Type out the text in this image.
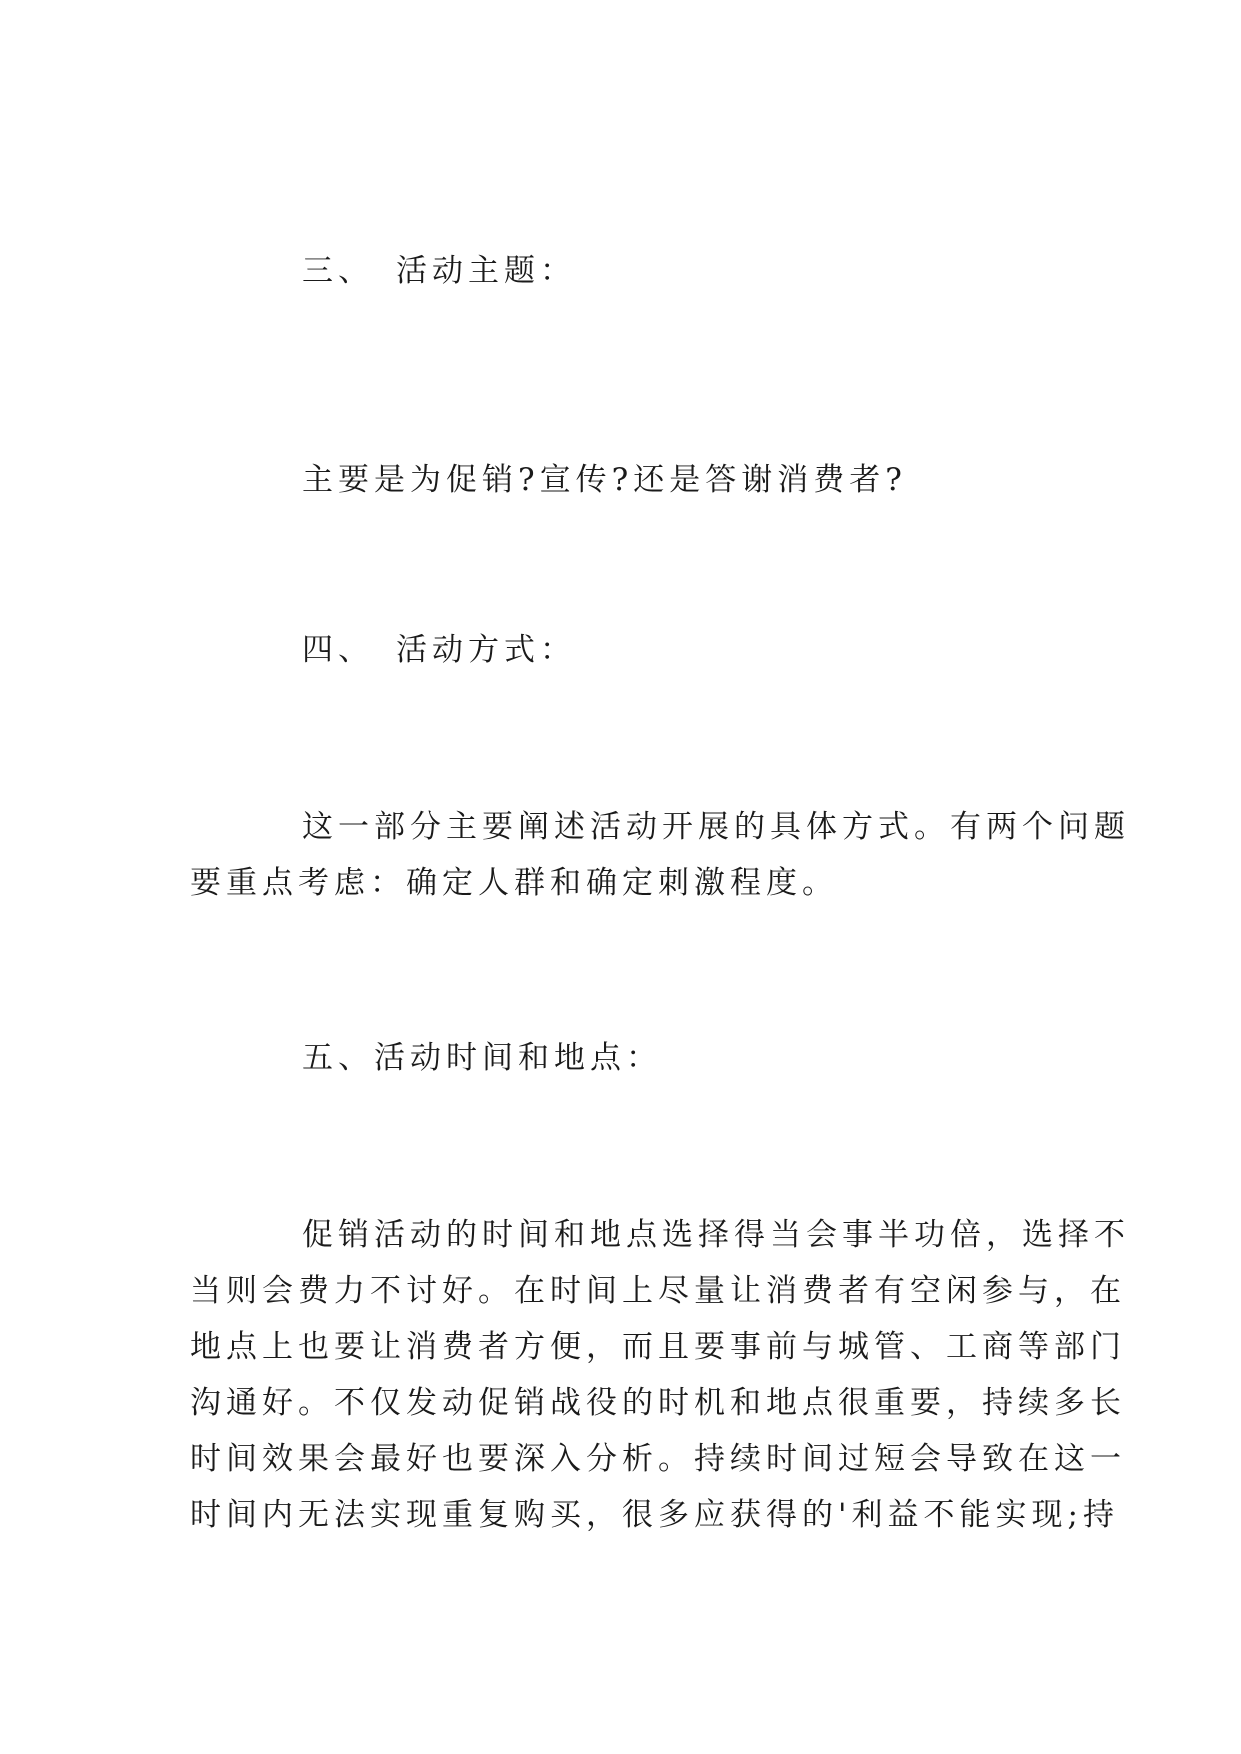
三、 活动主题：
主要是为促销?宣传?还是答谢消费者?
四、 活动方式：
这一部分主要阐述活动开展的具体方式。有两个问题
要重点考虑：确定人群和确定刺激程度。
五、活动时间和地点：
促销活动的时间和地点选择得当会事半功倍，选择不
当则会费力不讨好。在时间上尽量让消费者有空闲参与，在
地点上也要让消费者方便，而且要事前与城管、工商等部门
沟通好。不仅发动促销战役的时机和地点很重要，持续多长
时间效果会最好也要深入分析。持续时间过短会导致在这一
时间内无法实现重复购买，很多应获得的'利益不能实现;持
